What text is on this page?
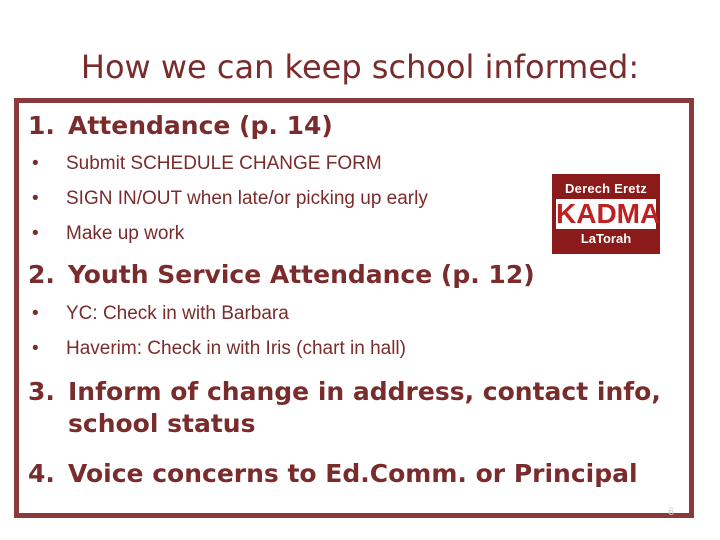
How we can keep school informed:
1. Attendance (p. 14)
• Submit SCHEDULE CHANGE FORM
• SIGN IN/OUT when late/or picking up early
• Make up work
Derech Eretz
KADMA
LaTorah
2. Youth Service Attendance (p. 12)
• YC: Check in with Barbara
• Haverim: Check in with Iris (chart in hall)
3. Inform of change in address, contact info, school status
4. Voice concerns to Ed.Comm. or Principal
6
